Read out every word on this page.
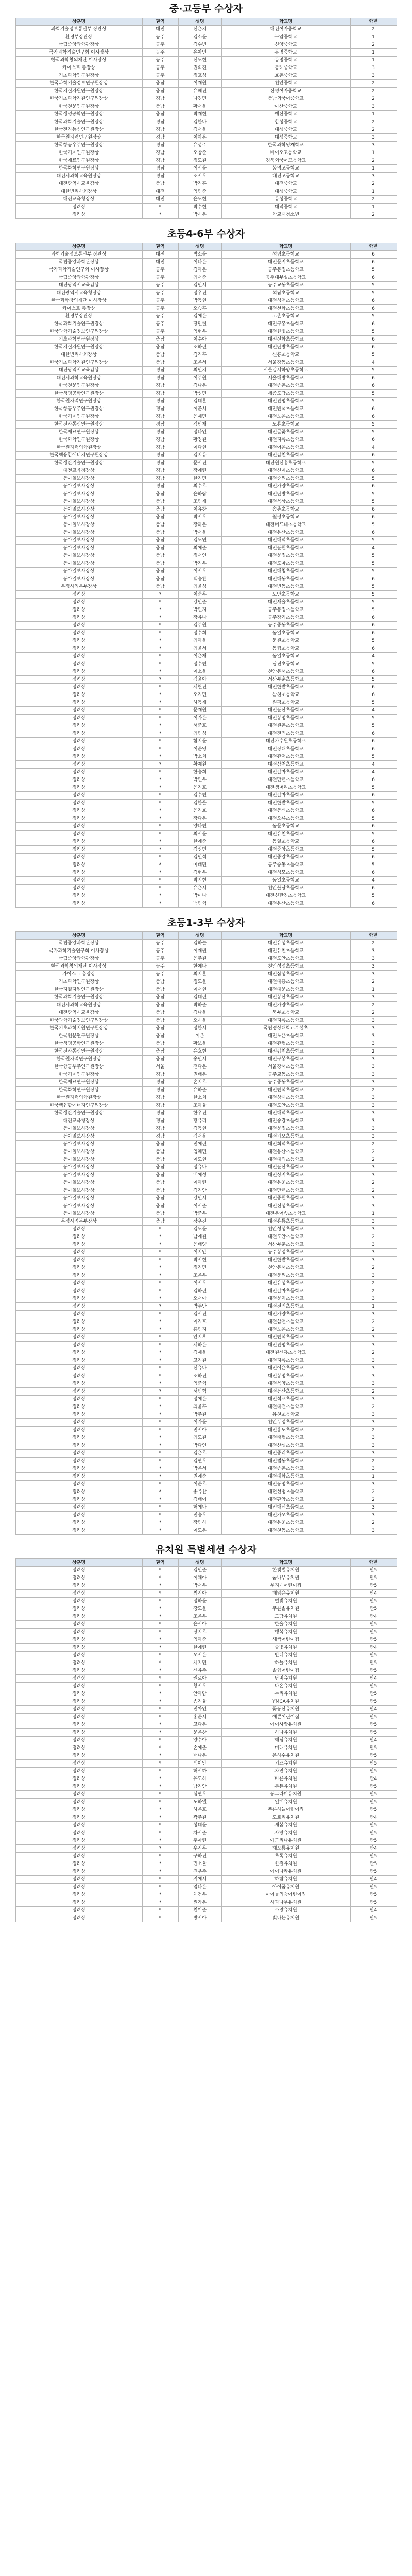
중·고등부 수상자
상훈명	권역	성명	학교명	학년
과학기술정보통신부 장관상	대전	신은지	대전여자중학교	2
환경부장관상	공주	김소윤	구암중학교	1
국립중앙과학관장상	공주	김수빈	신양중학교	2
국가과학기술연구회 이사장상	공주	유아인	봉명중학교	1
한국과학창의재단 이사장상	공주	신도현	봉명중학교	1
카이스트 총장상	공주	권희진	동래중학교	3
기초과학연구원장상	공주	정호성	효촌중학교	3
한국과학기술정보연구원장상	충남	이재원	천안중학교	2
한국지질자원연구원장상	충남	유혜진	신평여자중학교	2
한국기초과학지원연구원장상	경남	나경민	충남외국어중학교	2
한국천문연구원장상	충남	황서윤	아산중학교	3
한국생명공학연구원장상	충남	박재현	예산중학교	1
한국과학기술연구원장상	경남	김한나	합성중학교	2
한국전자통신연구원장상	경남	김서윤	대성중학교	2
한국원자력연구원장상	경남	이하은	대성중학교	3
한국항공우주연구원장상	경남	유성주	한국과학영재학교	3
한국기계연구원장상	경남	오창준	바이오고등학교	1
한국재료연구원장상	경남	정도원	경북외국어고등학교	2
한국화학연구원장상	경남	이서윤	봉명고등학교	1
대전시과학교육원장상	경남	조시우	대전고등학교	3
대전광역시교육감상	충남	박지훈	대전중학교	2
대한변리사회장상	대전	임민준	대성중학교	1
대전교육청장상	대전	윤도현	유성중학교	2
정려상	*	박수현	대덕중학교	1
정려상	*	박시은	학교대청소년	2
초등4-6부 수상자
상훈명	권역	성명	학교명	학년
과학기술정보통신부 장관상	대전	박소윤	성림초등학교	6
국립중앙과학관장상	대전	이다은	대전문지초등학교	6
국가과학기술연구회 이사장상	공주	김하은	공주봉정초등학교	5
국립중앙과학관장상	공주	최서준	공주대부설초등학교	6
대전광역시교육감상	공주	김민서	공주교동초등학교	5
대전광역시교육청장상	공주	정우진	석남초등학교	5
한국과학창의재단 이사장상	공주	박동현	대전성천초등학교	6
카이스트 총장상	공주	오승후	대전선화초등학교	6
환경부장관상	공주	김예은	고촌초등학교	5
한국과학기술연구원장상	공주	장민철	대전구봉초등학교	6
한국과학기술정보연구원장상	공주	임현우	대전한빛초등학교	5
기초과학연구원장상	충남	이수아	대전선화초등학교	6
한국지질자원연구원장상	충남	조하린	대전탄방초등학교	6
대한변리사회장상	충남	김지후	신흥초등학교	5
한국기초과학지원연구원장상	충남	조은서	서울강동초등학교	4
대전광역시교육감상	경남	최민지	서울강서하양초등학교	5
대전시과학교육원장상	경남	이주원	서울대방초등학교	6
한국천문연구원장상	경남	김나은	대전송촌초등학교	6
한국생명공학연구원장상	경남	박성민	세종도담초등학교	5
한국원자력연구원장상	경남	김태훈	대전관평초등학교	5
한국항공우주연구원장상	경남	이준서	대전반석초등학교	6
한국기계연구원장상	경남	윤재민	대전노은초등학교	6
한국전자통신연구원장상	경남	김민재	도룡초등학교	5
한국재료연구원장상	경남	정다인	대전글꽃초등학교	5
한국화학연구원장상	경남	황정원	대전지족초등학교	6
한국원자력의학원장상	경남	이다현	대전어은초등학교	4
한국핵융합에너지연구원장상	경남	김지유	대전갑천초등학교	6
한국생산기술연구원장상	경남	문서진	대전원신흥초등학교	5
대전교육청장상	경남	장예린	대전신계초등학교	6
동아일보사장상	경남	한지민	대전중원초등학교	5
동아일보사장상	경남	최수호	대전가양초등학교	6
동아일보사장상	충남	윤하람	대전탄방초등학교	5
동아일보사장상	충남	조민재	대전목상초등학교	5
동아일보사장상	충남	이유찬	송촌초등학교	6
동아일보사장상	충남	박시우	월평초등학교	6
동아일보사장상	충남	장하은	대전버드내초등학교	5
동아일보사장상	충남	박서윤	대전용산초등학교	6
동아일보사장상	충남	김도연	대전대덕초등학교	5
동아일보사장상	충남	최예준	대전둔원초등학교	4
동아일보사장상	충남	정서연	대전문정초등학교	5
동아일보사장상	충남	박지우	대전도마초등학교	5
동아일보사장상	충남	이시우	대전대청초등학교	5
동아일보사장상	충남	백승찬	대전대동초등학교	6
우정사업본부장상	충남	최윤성	대전변동초등학교	5
정려상	*	이준우	도안초등학교	5
정려상	*	강민준	대전새울초등학교	5
정려상	*	박민지	공주봉정초등학교	5
정려상	*	장유나	공주장기초등학교	6
정려상	*	김주원	공주중동초등학교	6
정려상	*	정수희	동일초등학교	6
정려상	*	최하윤	둔원초등학교	5
정려상	*	최윤서	동림초등학교	6
정려상	*	이은재	동일초등학교	4
정려상	*	정수빈	당진초등학교	5
정려상	*	이소윤	천안봉서초등학교	6
정려상	*	김윤아	서산부춘초등학교	5
정려상	*	서현진	대전한밭초등학교	6
정려상	*	오지민	삼천초등학교	6
정려상	*	하동재	원평초등학교	5
정려상	*	문재원	대전둔산초등학교	4
정려상	*	이가은	대전봉명초등학교	5
정려상	*	서준호	대전원촌초등학교	5
정려상	*	최민성	대전전민초등학교	6
정려상	*	함지윤	대전가수원초등학교	6
정려상	*	이준영	대전장대초등학교	6
정려상	*	박소희	대전관저초등학교	5
정려상	*	황재원	대전삼천초등학교	4
정려상	*	한승희	대전갈마초등학교	4
정려상	*	박민우	대전만년초등학교	6
정려상	*	윤지호	대전샘머리초등학교	5
정려상	*	김수빈	대전갈마초등학교	6
정려상	*	김한울	대전한밭초등학교	5
정려상	*	윤지효	대전동신초등학교	6
정려상	*	장다은	대전오류초등학교	5
정려상	*	양다빈	동문초등학교	6
정려상	*	최서윤	대전유천초등학교	5
정려상	*	한예준	동일초등학교	6
정려상	*	김성민	대전중앙초등학교	5
정려상	*	김민석	대전중앙초등학교	6
정려상	*	이태민	공주중동초등학교	5
정려상	*	김현우	대전성모초등학교	6
정려상	*	박지현	동일초등학교	4
정려상	*	유은서	천안불당초등학교	6
정려상	*	박미나	대전신탄진초등학교	5
정려상	*	백민혁	대전용산초등학교	6
초등1-3부 수상자
상훈명	권역	성명	학교명	학년
국립중앙과학관장상	공주	김하늘	대전유성초등학교	2
국가과학기술연구회 이사장상	공주	이재원	대전유천초등학교	3
국립중앙과학관장상	공주	윤주원	대전도안초등학교	3
한국과학창의재단 이사장상	공주	한예나	천안성정초등학교	3
카이스트 총장상	공주	최지훈	대전삼성초등학교	3
기초과학연구원장상	충남	정도윤	대전대흥초등학교	2
한국지질자원연구원장상	충남	이서현	대전대문초등학교	1
한국과학기술연구원장상	충남	김태린	대전봉산초등학교	3
대전시과학교육원장상	충남	박하준	대전가양초등학교	2
대전광역시교육감상	충남	김나윤	북부초등학교	2
한국과학기술정보연구원장상	충남	오시윤	대전지족초등학교	3
한국기초과학지원연구원장상	충남	정한서	국립경상대학교부설초	3
한국천문연구원장상	충남	이은	대전노은초등학교	3
한국생명공학연구원장상	충남	황보윤	대전관평초등학교	3
한국전자통신연구원장상	충남	유호현	대전갑천초등학교	2
한국원자력연구원장상	충남	송민서	대전구봉초등학교	3
한국항공우주연구원장상	서울	전다온	서울강서초등학교	3
한국기계연구원장상	경남	권태은	공주교동초등학교	3
한국재료연구원장상	경남	손지호	공주중동초등학교	3
한국화학연구원장상	경남	유하준	대전반석초등학교	2
한국원자력의학원장상	경남	한소희	대전상대초등학교	3
한국핵융합에너지연구원장상	경남	조하율	대전도안초등학교	3
한국생산기술연구원장상	경남	한우진	대전대덕초등학교	3
대전교육청장상	경남	황유리	대전송강초등학교	3
동아일보사장상	경남	김동현	대전문정초등학교	3
동아일보사장상	경남	김서윤	대전가오초등학교	3
동아일보사장상	충남	전예린	대전회덕초등학교	2
동아일보사장상	충남	임채민	대전용산초등학교	2
동아일보사장상	충남	이도현	대전대덕초등학교	2
동아일보사장상	충남	정유나	대전둔산초등학교	3
동아일보사장상	충남	배예성	대전상지초등학교	3
동아일보사장상	충남	이하린	대전용운초등학교	2
동아일보사장상	충남	김지안	대전만년초등학교	2
동아일보사장상	충남	강민서	대전중원초등학교	3
동아일보사장상	충남	이서준	대전신성초등학교	3
동아일보사장상	충남	박준우	대전은어송초등학교	1
우정사업본부장상	충남	장우진	대전흥룡초등학교	3
정려상	*	김도윤	천안성성초등학교	3
정려상	*	남예원	대전도안초등학교	2
정려상	*	윤태양	서산부춘초등학교	3
정려상	*	이지안	공주봉정초등학교	3
정려상	*	박시현	대전한밭초등학교	3
정려상	*	정지민	천안봉서초등학교	2
정려상	*	조은우	대전둔원초등학교	3
정려상	*	이시우	대전유성초등학교	2
정려상	*	김하린	대전갈마초등학교	2
정려상	*	오서아	대전문지초등학교	3
정려상	*	박주안	대전전민초등학교	1
정려상	*	김서진	대전가양초등학교	3
정려상	*	이지호	대전삼천초등학교	2
정려상	*	홍민지	대전노은초등학교	2
정려상	*	안지후	대전반석초등학교	3
정려상	*	서하은	대전관평초등학교	3
정려상	*	김재윤	대전원신흥초등학교	2
정려상	*	고지원	대전지족초등학교	3
정려상	*	신유나	대전어은초등학교	3
정려상	*	조하진	대전봉명초등학교	3
정려상	*	임준혁	대전목양초등학교	3
정려상	*	서민혁	대전동산초등학교	2
정려상	*	정예은	대전석교초등학교	3
정려상	*	최윤후	대전대전초등학교	2
정려상	*	박주원	유천초등학교	3
정려상	*	이가윤	천안두정초등학교	3
정려상	*	민시아	대전흥도초등학교	2
정려상	*	최도원	대전태평초등학교	3
정려상	*	박다인	대전산성초등학교	3
정려상	*	김은호	대전중리초등학교	3
정려상	*	김연우	대전법동초등학교	2
정려상	*	박은서	대전송촌초등학교	3
정려상	*	권예준	대전대화초등학교	1
정려상	*	이준호	대전동명초등학교	3
정려상	*	송유찬	대전선병초등학교	2
정려상	*	김태이	대전판암초등학교	2
정려상	*	허예나	대전대신초등학교	3
정려상	*	전승우	대전가오초등학교	3
정려상	*	장민하	대전용운초등학교	2
정려상	*	이도은	대전천동초등학교	3
유치원 특별세션 수상자
상훈명	권역	성명	학교명	학년
정려상	*	김민준	한빛별유치원	만5
정려상	*	이채아	꿈나무유치원	만5
정려상	*	박서우	무지개어린이집	만5
정려상	*	최지아	해맑은유치원	만4
정려상	*	정하윤	별빛유치원	만5
정려상	*	강도윤	푸른솔유치원	만5
정려상	*	조은우	도담유치원	만4
정려상	*	윤서아	한울유치원	만5
정려상	*	장지호	행복유치원	만5
정려상	*	임하준	새싹어린이집	만5
정려상	*	한예린	솔빛유치원	만4
정려상	*	오시온	반디유치원	만5
정려상	*	서지민	하늘유치원	만5
정려상	*	신유주	솔향어린이집	만5
정려상	*	권로아	단비유치원	만4
정려상	*	황시우	다온유치원	만5
정려상	*	안하람	누리유치원	만5
정려상	*	송지율	YMCA유치원	만5
정려상	*	전아인	꽃동산유치원	만4
정려상	*	홍준서	예쁜어린이집	만5
정려상	*	고다은	아이사랑유치원	만5
정려상	*	문은찬	하나유치원	만5
정려상	*	양수아	해님유치원	만4
정려상	*	손예준	미래유치원	만5
정려상	*	배나은	은하수유치원	만5
정려상	*	백이안	키즈유치원	만5
정려상	*	허서하	자연유치원	만5
정려상	*	유도하	바른유치원	만4
정려상	*	남지안	튼튼유치원	만5
정려상	*	심연우	동그라미유치원	만5
정려상	*	노하엘	열매유치원	만5
정려상	*	하은호	푸른하늘어린이집	만5
정려상	*	곽주원	도토리유치원	만4
정려상	*	성태윤	새봄유치원	만5
정려상	*	차서준	사랑유치원	만5
정려상	*	주아린	예그리나유치원	만5
정려상	*	우지우	해오름유치원	만4
정려상	*	구하진	초록유치원	만5
정려상	*	민소율	한결유치원	만5
정려상	*	진우주	아이나라유치원	만5
정려상	*	지예서	하람유치원	만4
정려상	*	엄다온	아이꿈유치원	만5
정려상	*	채건우	아이들의꿈어린이집	만5
정려상	*	원가온	사과나무유치원	만5
정려상	*	천이준	소망유치원	만4
정려상	*	방시아	빛나는유치원	만5
